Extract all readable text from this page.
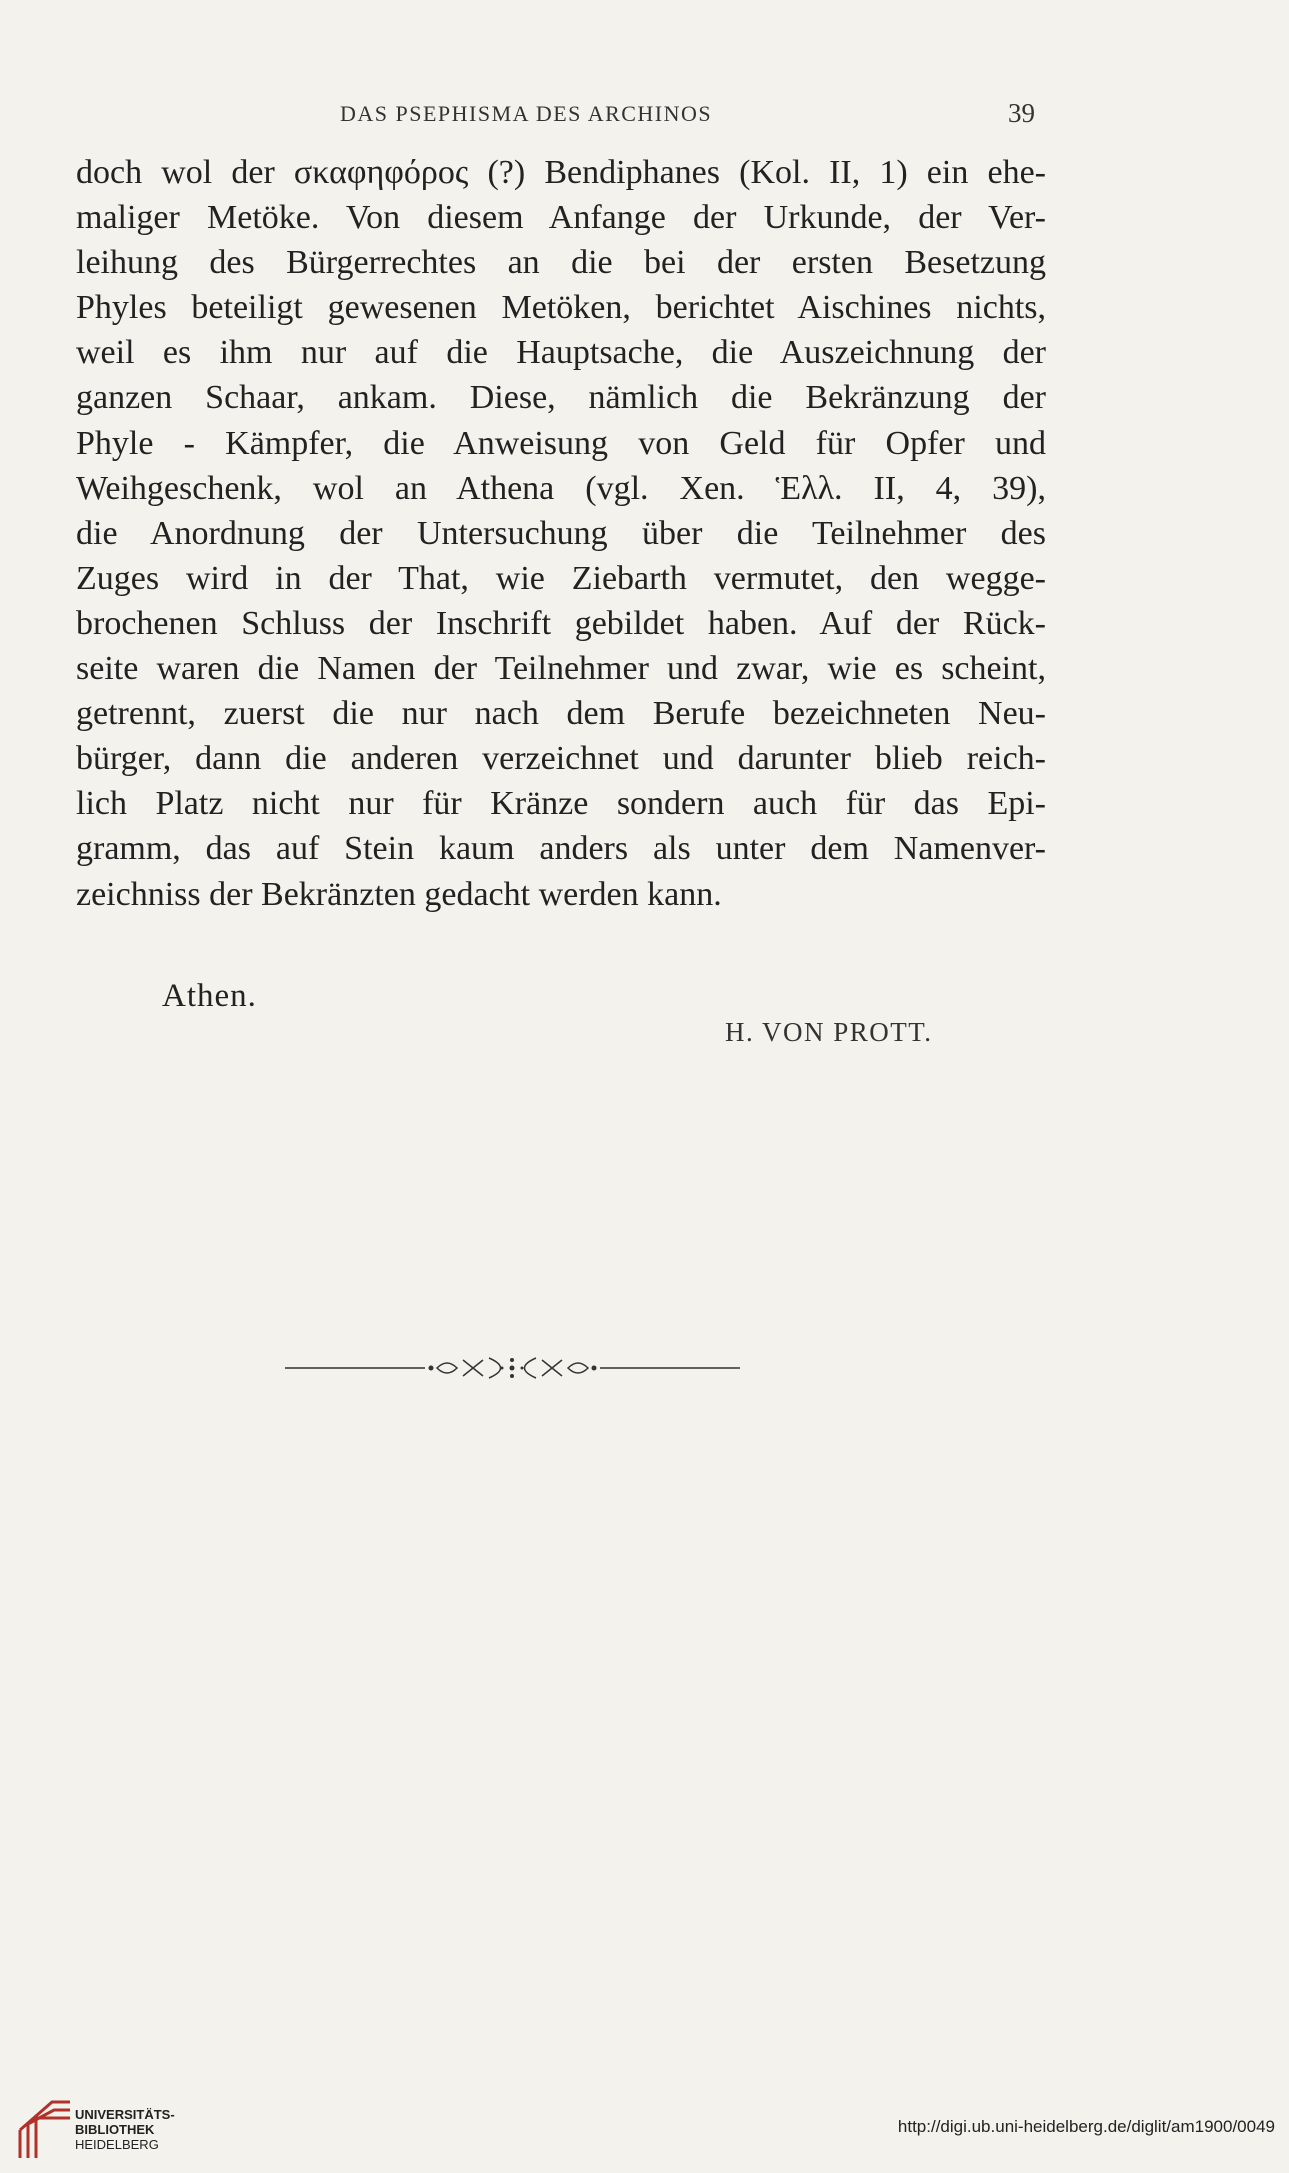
DAS PSEPHISMA DES ARCHINOS	39
doch wol der σκαφηφόρος (?) Bendiphanes (Kol. II, 1) ein ehe-
maliger Metöke. Von diesem Anfange der Urkunde, der Ver-
leihung des Bürgerrechtes an die bei der ersten Besetzung
Phyles beteiligt gewesenen Metöken, berichtet Aischines nichts,
weil es ihm nur auf die Hauptsache, die Auszeichnung der
ganzen Schaar, ankam. Diese, nämlich die Bekränzung der
Phyle - Kämpfer, die Anweisung von Geld für Opfer und
Weihgeschenk, wol an Athena (vgl. Xen. Ἑλλ. II, 4, 39),
die Anordnung der Untersuchung über die Teilnehmer des
Zuges wird in der That, wie Ziebarth vermutet, den wegge-
brochenen Schluss der Inschrift gebildet haben. Auf der Rück-
seite waren die Namen der Teilnehmer und zwar, wie es scheint,
getrennt, zuerst die nur nach dem Berufe bezeichneten Neu-
bürger, dann die anderen verzeichnet und darunter blieb reich-
lich Platz nicht nur für Kränze sondern auch für das Epi-
gramm, das auf Stein kaum anders als unter dem Namenver-
zeichniss der Bekränzten gedacht werden kann.
Athen.
H. VON PROTT.
UNIVERSITÄTS-
BIBLIOTHEK
HEIDELBERG
http://digi.ub.uni-heidelberg.de/diglit/am1900/0049
